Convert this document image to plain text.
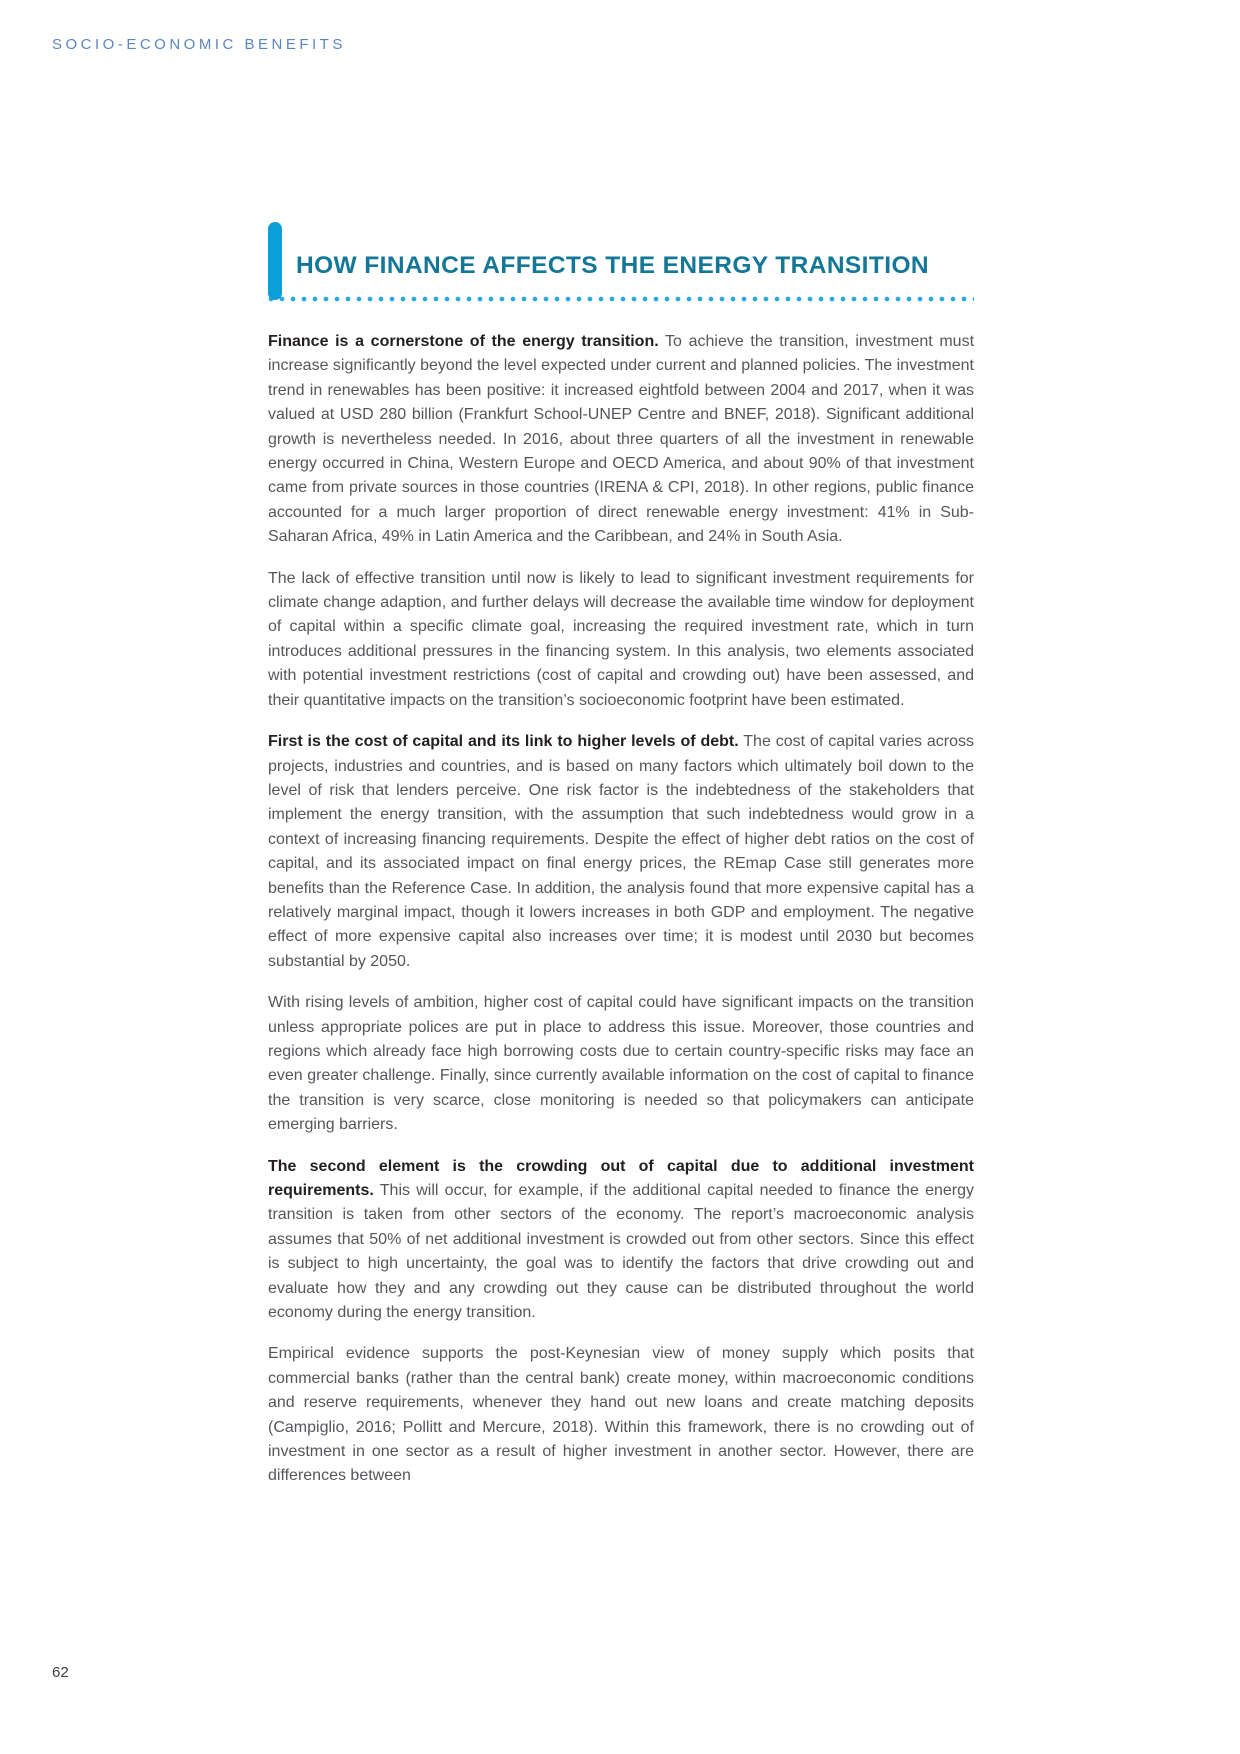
SOCIO-ECONOMIC BENEFITS
HOW FINANCE AFFECTS THE ENERGY TRANSITION

Finance is a cornerstone of the energy transition. To achieve the transition, investment must increase significantly beyond the level expected under current and planned policies. The investment trend in renewables has been positive: it increased eightfold between 2004 and 2017, when it was valued at USD 280 billion (Frankfurt School-UNEP Centre and BNEF, 2018). Significant additional growth is nevertheless needed. In 2016, about three quarters of all the investment in renewable energy occurred in China, Western Europe and OECD America, and about 90% of that investment came from private sources in those countries (IRENA & CPI, 2018). In other regions, public finance accounted for a much larger proportion of direct renewable energy investment: 41% in Sub-Saharan Africa, 49% in Latin America and the Caribbean, and 24% in South Asia.

The lack of effective transition until now is likely to lead to significant investment requirements for climate change adaption, and further delays will decrease the available time window for deployment of capital within a specific climate goal, increasing the required investment rate, which in turn introduces additional pressures in the financing system. In this analysis, two elements associated with potential investment restrictions (cost of capital and crowding out) have been assessed, and their quantitative impacts on the transition’s socioeconomic footprint have been estimated.

First is the cost of capital and its link to higher levels of debt. The cost of capital varies across projects, industries and countries, and is based on many factors which ultimately boil down to the level of risk that lenders perceive. One risk factor is the indebtedness of the stakeholders that implement the energy transition, with the assumption that such indebtedness would grow in a context of increasing financing requirements. Despite the effect of higher debt ratios on the cost of capital, and its associated impact on final energy prices, the REmap Case still generates more benefits than the Reference Case. In addition, the analysis found that more expensive capital has a relatively marginal impact, though it lowers increases in both GDP and employment. The negative effect of more expensive capital also increases over time; it is modest until 2030 but becomes substantial by 2050.

With rising levels of ambition, higher cost of capital could have significant impacts on the transition unless appropriate polices are put in place to address this issue. Moreover, those countries and regions which already face high borrowing costs due to certain country-specific risks may face an even greater challenge. Finally, since currently available information on the cost of capital to finance the transition is very scarce, close monitoring is needed so that policymakers can anticipate emerging barriers.

The second element is the crowding out of capital due to additional investment requirements. This will occur, for example, if the additional capital needed to finance the energy transition is taken from other sectors of the economy. The report’s macroeconomic analysis assumes that 50% of net additional investment is crowded out from other sectors. Since this effect is subject to high uncertainty, the goal was to identify the factors that drive crowding out and evaluate how they and any crowding out they cause can be distributed throughout the world economy during the energy transition.

Empirical evidence supports the post-Keynesian view of money supply which posits that commercial banks (rather than the central bank) create money, within macroeconomic conditions and reserve requirements, whenever they hand out new loans and create matching deposits (Campiglio, 2016; Pollitt and Mercure, 2018). Within this framework, there is no crowding out of investment in one sector as a result of higher investment in another sector. However, there are differences between

62
